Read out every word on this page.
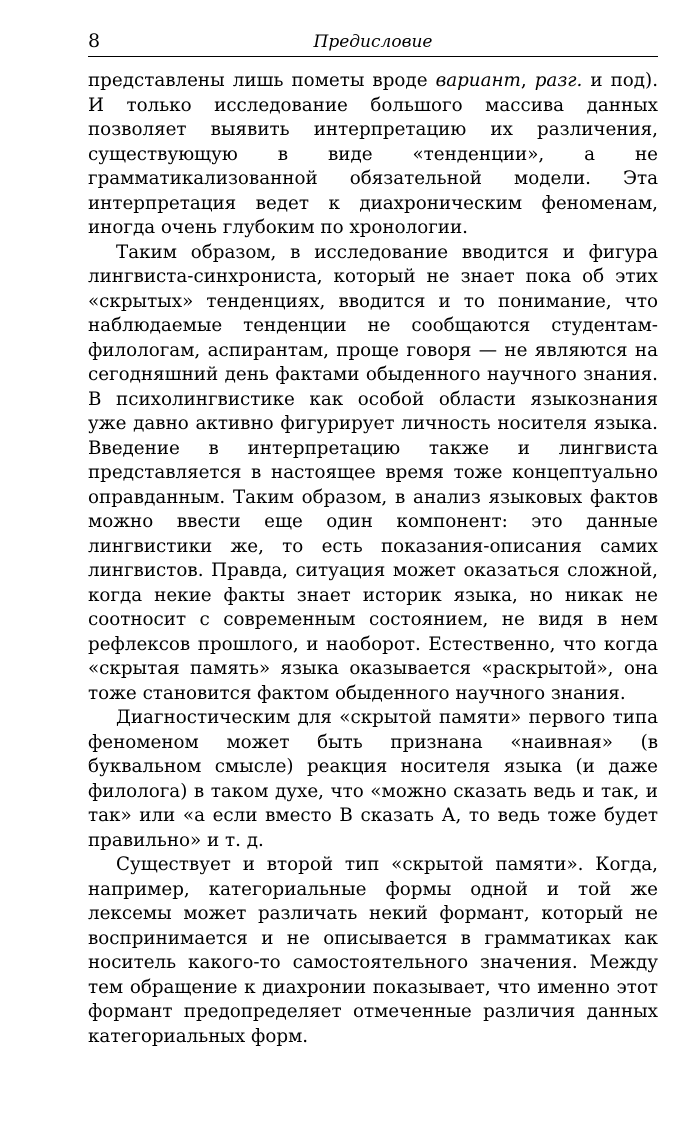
8	Предисловие

представлены лишь пометы вроде вариант, разг. и под). И только исследование большого массива данных позволяет выявить интерпретацию их различения, существующую в виде «тенденции», а не грамматикализованной обязательной модели. Эта интерпретация ведет к диахроническим феноменам, иногда очень глубоким по хронологии.

Таким образом, в исследование вводится и фигура лингвиста-синхрониста, который не знает пока об этих «скрытых» тенденциях, вводится и то понимание, что наблюдаемые тенденции не сообщаются студентам-филологам, аспирантам, проще говоря — не являются на сегодняшний день фактами обыденного научного знания. В психолингвистике как особой области языкознания уже давно активно фигурирует личность носителя языка. Введение в интерпретацию также и лингвиста представляется в настоящее время тоже концептуально оправданным. Таким образом, в анализ языковых фактов можно ввести еще один компонент: это данные лингвистики же, то есть показания-описания самих лингвистов. Правда, ситуация может оказаться сложной, когда некие факты знает историк языка, но никак не соотносит с современным состоянием, не видя в нем рефлексов прошлого, и наоборот. Естественно, что когда «скрытая память» языка оказывается «раскрытой», она тоже становится фактом обыденного научного знания.

Диагностическим для «скрытой памяти» первого типа феноменом может быть признана «наивная» (в буквальном смысле) реакция носителя языка (и даже филолога) в таком духе, что «можно сказать ведь и так, и так» или «а если вместо В сказать А, то ведь тоже будет правильно» и т. д.

Существует и второй тип «скрытой памяти». Когда, например, категориальные формы одной и той же лексемы может различать некий формант, который не воспринимается и не описывается в грамматиках как носитель какого-то самостоятельного значения. Между тем обращение к диахронии показывает, что именно этот формант предопределяет отмеченные различия данных категориальных форм.
